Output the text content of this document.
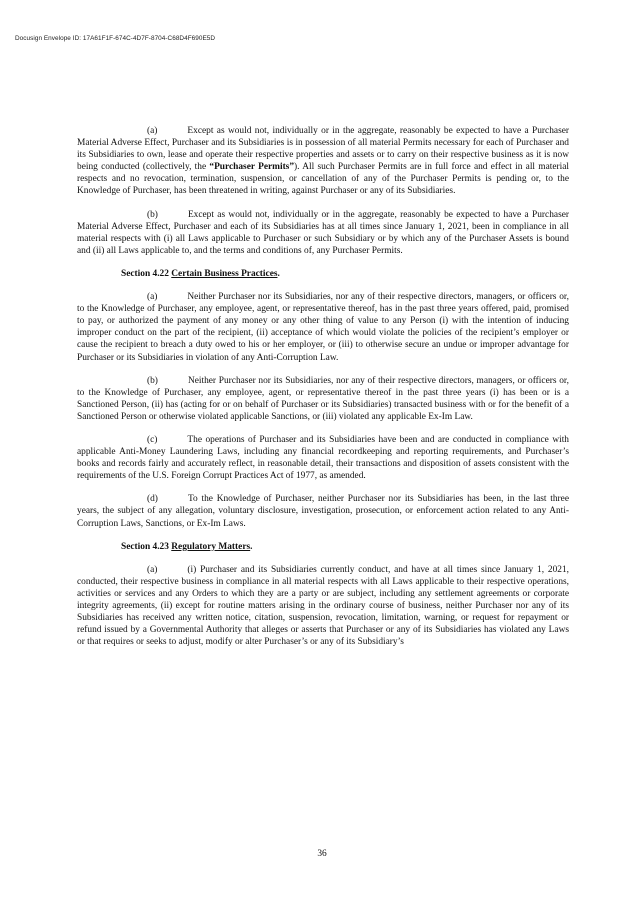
Docusign Envelope ID: 17A61F1F-674C-4D7F-8704-C68D4F690E5D

(a)	Except as would not, individually or in the aggregate, reasonably be expected to have a Purchaser Material Adverse Effect, Purchaser and its Subsidiaries is in possession of all material Permits necessary for each of Purchaser and its Subsidiaries to own, lease and operate their respective properties and assets or to carry on their respective business as it is now being conducted (collectively, the “Purchaser Permits”). All such Purchaser Permits are in full force and effect in all material respects and no revocation, termination, suspension, or cancellation of any of the Purchaser Permits is pending or, to the Knowledge of Purchaser, has been threatened in writing, against Purchaser or any of its Subsidiaries.

(b)	Except as would not, individually or in the aggregate, reasonably be expected to have a Purchaser Material Adverse Effect, Purchaser and each of its Subsidiaries has at all times since January 1, 2021, been in compliance in all material respects with (i) all Laws applicable to Purchaser or such Subsidiary or by which any of the Purchaser Assets is bound and (ii) all Laws applicable to, and the terms and conditions of, any Purchaser Permits.

Section 4.22 Certain Business Practices.

(a)	Neither Purchaser nor its Subsidiaries, nor any of their respective directors, managers, or officers or, to the Knowledge of Purchaser, any employee, agent, or representative thereof, has in the past three years offered, paid, promised to pay, or authorized the payment of any money or any other thing of value to any Person (i) with the intention of inducing improper conduct on the part of the recipient, (ii) acceptance of which would violate the policies of the recipient’s employer or cause the recipient to breach a duty owed to his or her employer, or (iii) to otherwise secure an undue or improper advantage for Purchaser or its Subsidiaries in violation of any Anti-Corruption Law.

(b)	Neither Purchaser nor its Subsidiaries, nor any of their respective directors, managers, or officers or, to the Knowledge of Purchaser, any employee, agent, or representative thereof in the past three years (i) has been or is a Sanctioned Person, (ii) has (acting for or on behalf of Purchaser or its Subsidiaries) transacted business with or for the benefit of a Sanctioned Person or otherwise violated applicable Sanctions, or (iii) violated any applicable Ex-Im Law.

(c)	The operations of Purchaser and its Subsidiaries have been and are conducted in compliance with applicable Anti-Money Laundering Laws, including any financial recordkeeping and reporting requirements, and Purchaser’s books and records fairly and accurately reflect, in reasonable detail, their transactions and disposition of assets consistent with the requirements of the U.S. Foreign Corrupt Practices Act of 1977, as amended.

(d)	To the Knowledge of Purchaser, neither Purchaser nor its Subsidiaries has been, in the last three years, the subject of any allegation, voluntary disclosure, investigation, prosecution, or enforcement action related to any Anti-Corruption Laws, Sanctions, or Ex-Im Laws.

Section 4.23 Regulatory Matters.

(a)	(i) Purchaser and its Subsidiaries currently conduct, and have at all times since January 1, 2021, conducted, their respective business in compliance in all material respects with all Laws applicable to their respective operations, activities or services and any Orders to which they are a party or are subject, including any settlement agreements or corporate integrity agreements, (ii) except for routine matters arising in the ordinary course of business, neither Purchaser nor any of its Subsidiaries has received any written notice, citation, suspension, revocation, limitation, warning, or request for repayment or refund issued by a Governmental Authority that alleges or asserts that Purchaser or any of its Subsidiaries has violated any Laws or that requires or seeks to adjust, modify or alter Purchaser’s or any of its Subsidiary’s

36
